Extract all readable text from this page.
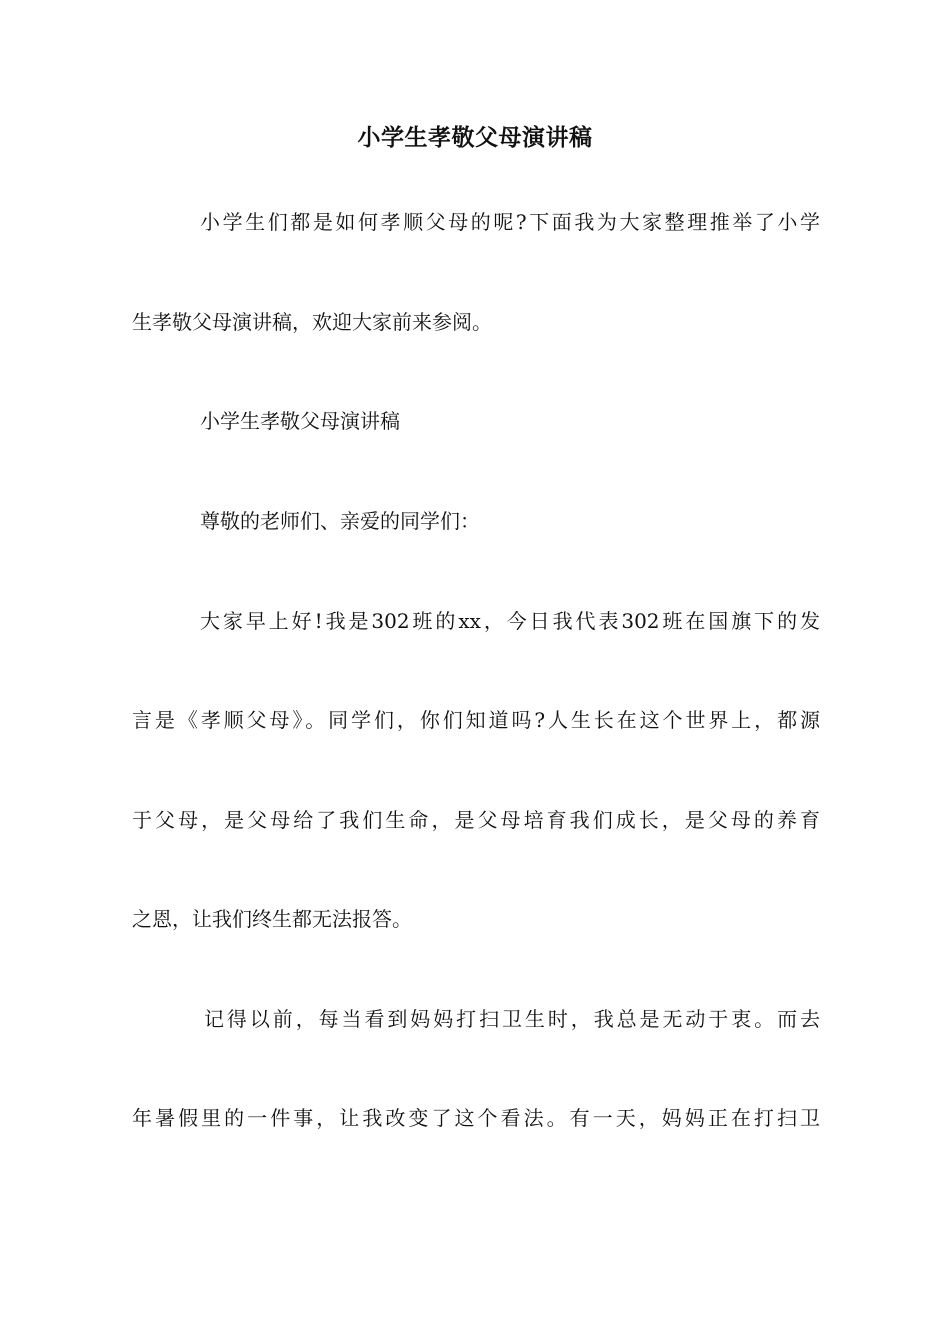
小学生孝敬父母演讲稿
小学生们都是如何孝顺父母的呢?下面我为大家整理推举了小学
生孝敬父母演讲稿，欢迎大家前来参阅。
小学生孝敬父母演讲稿
尊敬的老师们、亲爱的同学们：
大家早上好!我是302班的xx，今日我代表302班在国旗下的发
言是《孝顺父母》。同学们，你们知道吗?人生长在这个世界上，都源
于父母，是父母给了我们生命，是父母培育我们成长，是父母的养育
之恩，让我们终生都无法报答。
记得以前，每当看到妈妈打扫卫生时，我总是无动于衷。而去
年暑假里的一件事，让我改变了这个看法。有一天，妈妈正在打扫卫
